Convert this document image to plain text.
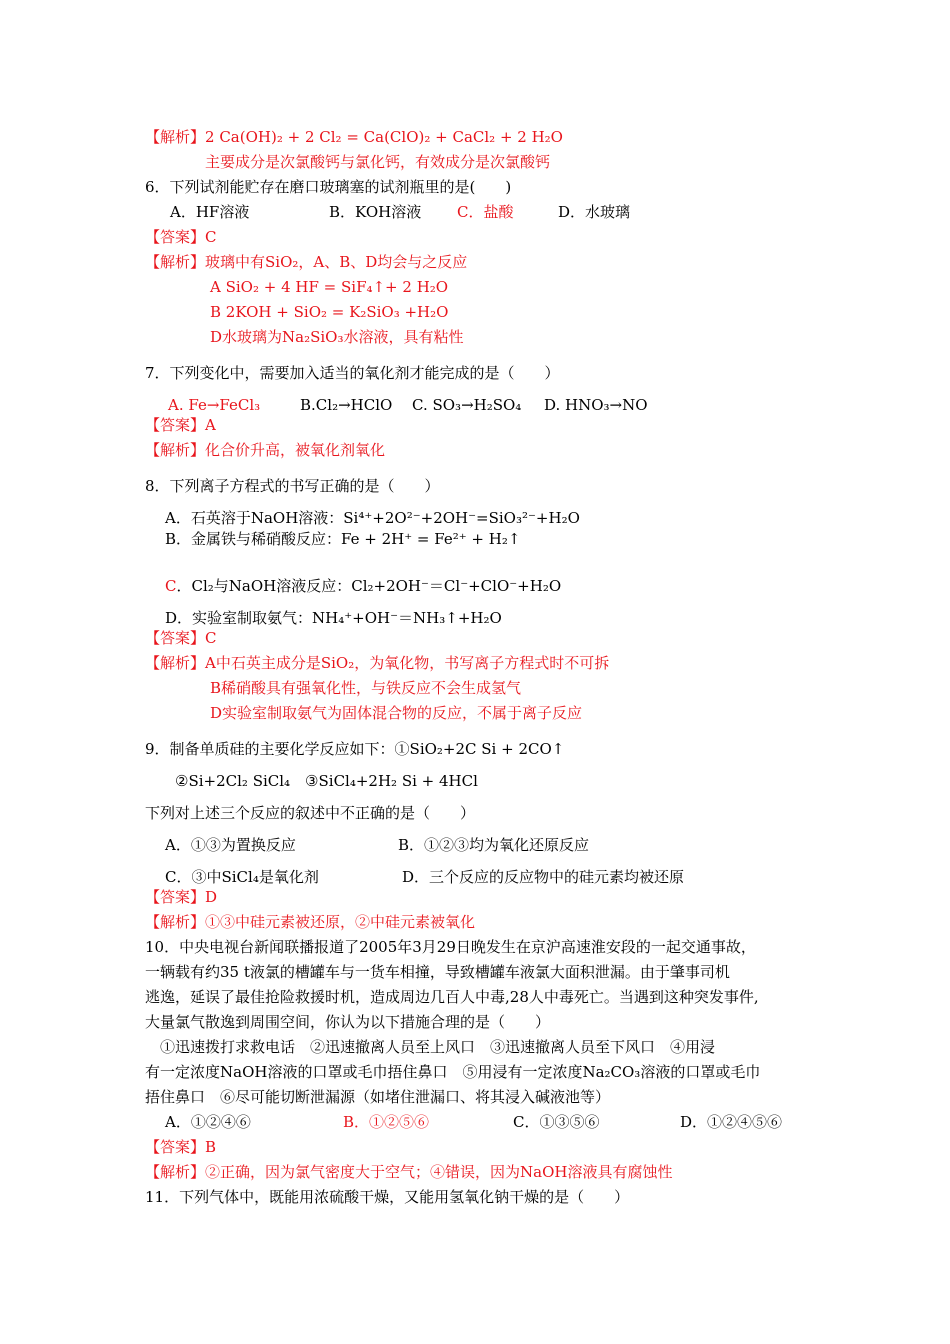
【解析】2 Ca(OH)₂ + 2 Cl₂ = Ca(ClO)₂ + CaCl₂ + 2 H₂O
主要成分是次氯酸钙与氯化钙，有效成分是次氯酸钙
6．下列试剂能贮存在磨口玻璃塞的试剂瓶里的是(　　)
A．HF溶液	B．KOH溶液 C．盐酸	D．水玻璃
【答案】C
【解析】玻璃中有SiO₂，A、B、D均会与之反应
A SiO₂ + 4 HF = SiF₄↑+ 2 H₂O
B 2KOH + SiO₂ = K₂SiO₃ +H₂O
D水玻璃为Na₂SiO₃水溶液，具有粘性
7．下列变化中，需要加入适当的氧化剂才能完成的是（　　）
A. Fe→FeCl₃	B.Cl₂→HClO C. SO₃→H₂SO₄ D. HNO₃→NO
【答案】A
【解析】化合价升高，被氧化剂氧化
8．下列离子方程式的书写正确的是（　　）
A．石英溶于NaOH溶液：Si⁴⁺+2O²⁻+2OH⁻=SiO₃²⁻+H₂O
B．金属铁与稀硝酸反应：Fe + 2H⁺ = Fe²⁺ + H₂↑
C．Cl₂与NaOH溶液反应：Cl₂+2OH⁻＝Cl⁻+ClO⁻+H₂O
D．实验室制取氨气：NH₄⁺+OH⁻＝NH₃↑+H₂O
【答案】C
【解析】A中石英主成分是SiO₂，为氧化物，书写离子方程式时不可拆
B稀硝酸具有强氧化性，与铁反应不会生成氢气
D实验室制取氨气为固体混合物的反应，不属于离子反应
9．制备单质硅的主要化学反应如下：①SiO₂+2C Si + 2CO↑
②Si+2Cl₂ SiCl₄　③SiCl₄+2H₂ Si + 4HCl
下列对上述三个反应的叙述中不正确的是（　　）
A．①③为置换反应	B．①②③均为氧化还原反应
C．③中SiCl₄是氧化剂	D．三个反应的反应物中的硅元素均被还原
【答案】D
【解析】①③中硅元素被还原，②中硅元素被氧化
10．中央电视台新闻联播报道了2005年3月29日晚发生在京沪高速淮安段的一起交通事故，
一辆载有约35 t液氯的槽罐车与一货车相撞，导致槽罐车液氯大面积泄漏。由于肇事司机
逃逸，延误了最佳抢险救援时机，造成周边几百人中毒,28人中毒死亡。当遇到这种突发事件,
大量氯气散逸到周围空间，你认为以下措施合理的是（　　）
　①迅速拨打求救电话　②迅速撤离人员至上风口　③迅速撤离人员至下风口　④用浸
有一定浓度NaOH溶液的口罩或毛巾捂住鼻口　⑤用浸有一定浓度Na₂CO₃溶液的口罩或毛巾
捂住鼻口　⑥尽可能切断泄漏源（如堵住泄漏口、将其浸入碱液池等）
A．①②④⑥	B．①②⑤⑥	C．①③⑤⑥	D．①②④⑤⑥
【答案】B
【解析】②正确，因为氯气密度大于空气；④错误，因为NaOH溶液具有腐蚀性
11．下列气体中，既能用浓硫酸干燥，又能用氢氧化钠干燥的是（　　）
